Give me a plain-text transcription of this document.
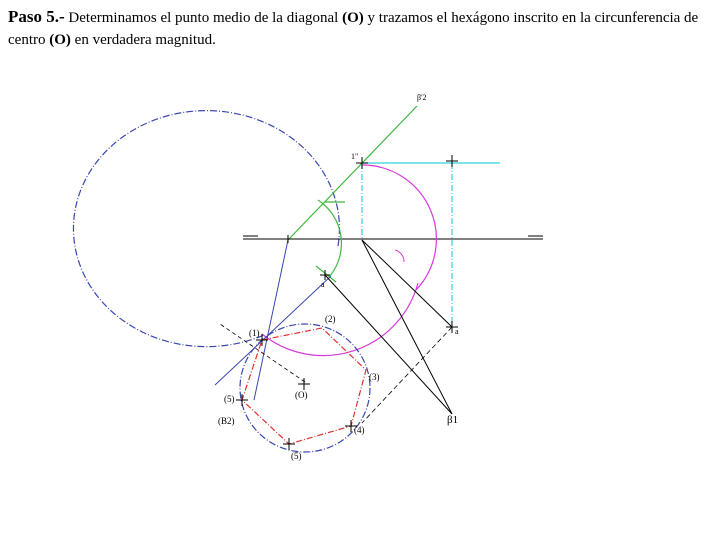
Paso 5.- Determinamos el punto medio de la diagonal (O) y trazamos el hexágono inscrito en la circunferencia de centro (O) en verdadera magnitud.
β'2
1"
a
a
(1)
(2)
(3)
(4)
(5)
(5)
(B2)
(O)
β1
